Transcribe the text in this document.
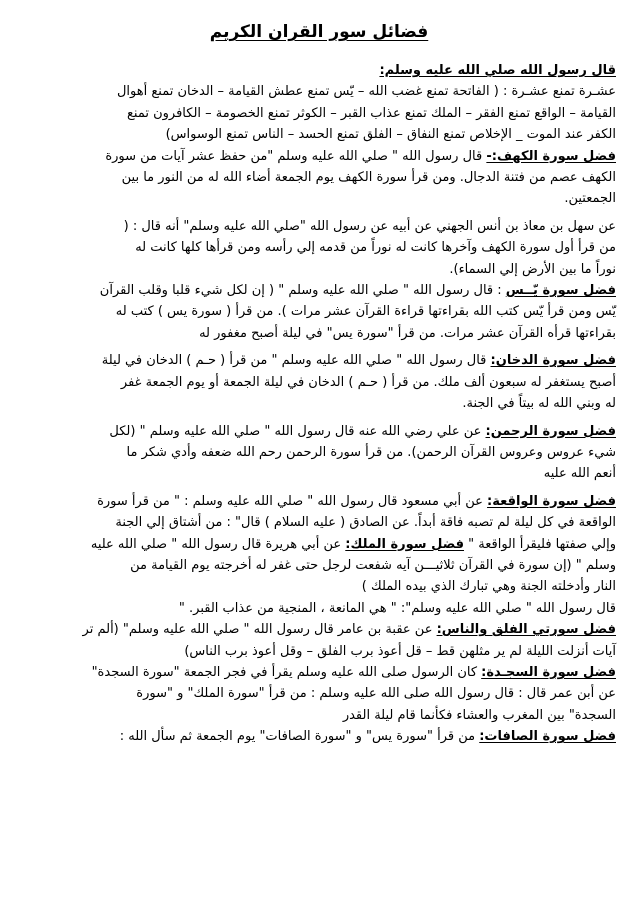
فضائل سور القران الكريم

قال رسول الله صلي الله عليه وسلم:

عشـرة تمنع عشـرة : ( الفاتحة تمنع غضب الله – يّس تمنع عطش القيامة – الدخان تمنع أهوال
القيامة – الواقع تمنع الفقر – الملك تمنع عذاب القبر – الكوثر تمنع الخصومة – الكافرون تمنع
الكفر عند الموت _ الإخلاص تمنع النفاق – الفلق تمنع الحسد – الناس تمنع الوسواس)

فضل سورة الكهف:- قال رسول الله " صلي الله عليه وسلم "من حفظ عشر آيات من سورة
الكهف عصم من فتنة الدجال. ومن قرأ سورة الكهف يوم الجمعة أضاء الله له من النور ما بين
الجمعتين.

عن سهل بن معاذ بن أنس الجهني عن أبيه عن رسول الله "صلي الله عليه وسلم" أنه قال : (
من قرأ أول سورة الكهف وآخرها كانت له نوراً من قدمه إلي رأسه ومن قرأها كلها كانت له
نوراً ما بين الأرض إلي السماء).

فضل سورة يّــس : قال رسول الله " صلي الله عليه وسلم " ( إن لكل شيء قلبا وقلب القرآن
يّس ومن قرأ يّس كتب الله بقراءتها قراءة القرآن عشر مرات ). من قرأ ( سورة يس ) كتب له
بقراءتها قرأه القرآن عشر مرات. من قرأ "سورة يس" في ليلة أصبح مغفور له

فضل سورة الدخان: قال رسول الله " صلي الله عليه وسلم " من قرأ ( حـم ) الدخان في ليلة
أصبح يستغفر له سبعون ألف ملك. من قرأ ( حـم ) الدخان في ليلة الجمعة أو يوم الجمعة غفر
له وبني الله له بيتاً في الجنة.

فضل سورة الرحمن: عن علي رضي الله عنه قال رسول الله " صلي الله عليه وسلم " (لكل
شيء عروس وعروس القرآن الرحمن). من قرأ سورة الرحمن رحم الله ضعفه وأدي شكر ما
أنعم الله عليه

فضل سورة الواقعة: عن أبي مسعود قال رسول الله " صلي الله عليه وسلم : " من قرأ سورة
الواقعة في كل ليلة لم تصبه فاقة أبداً. عن الصادق ( عليه السلام ) قال" : من أشتاق إلي الجنة
وإلي صفتها فليقرأ الواقعة " فضل سورة الملك: عن أبي هريرة قال رسول الله " صلي الله عليه
وسلم " (إن سورة في القرآن ثلاثيـــن آيه شفعت لرجل حتى غفر له أخرجته يوم القيامة من
النار وأدخلته الجنة وهي تبارك الذي بيده الملك )
قال رسول الله " صلي الله عليه وسلم": " هي المانعة ، المنجية من عذاب القبر. "

فضل سورتي الفلق والناس: عن عقبة بن عامر قال رسول الله " صلي الله عليه وسلم" (ألم تر
آيات أنزلت الليلة لم ير مثلهن قط – قل أعوذ برب الفلق – وقل أعوذ برب الناس)

فضل سورة السجـدة: كان الرسول صلى الله عليه وسلم يقرأ في فجر الجمعة "سورة السجدة"
عن أبن عمر قال : قال رسول الله صلى الله عليه وسلم : من قرأ "سورة الملك" و "سورة
السجدة" بين المغرب والعشاء فكأنما قام ليلة القدر

فضل سورة الصافات: من قرأ "سورة يس" و "سورة الصافات" يوم الجمعة ثم سأل الله :
